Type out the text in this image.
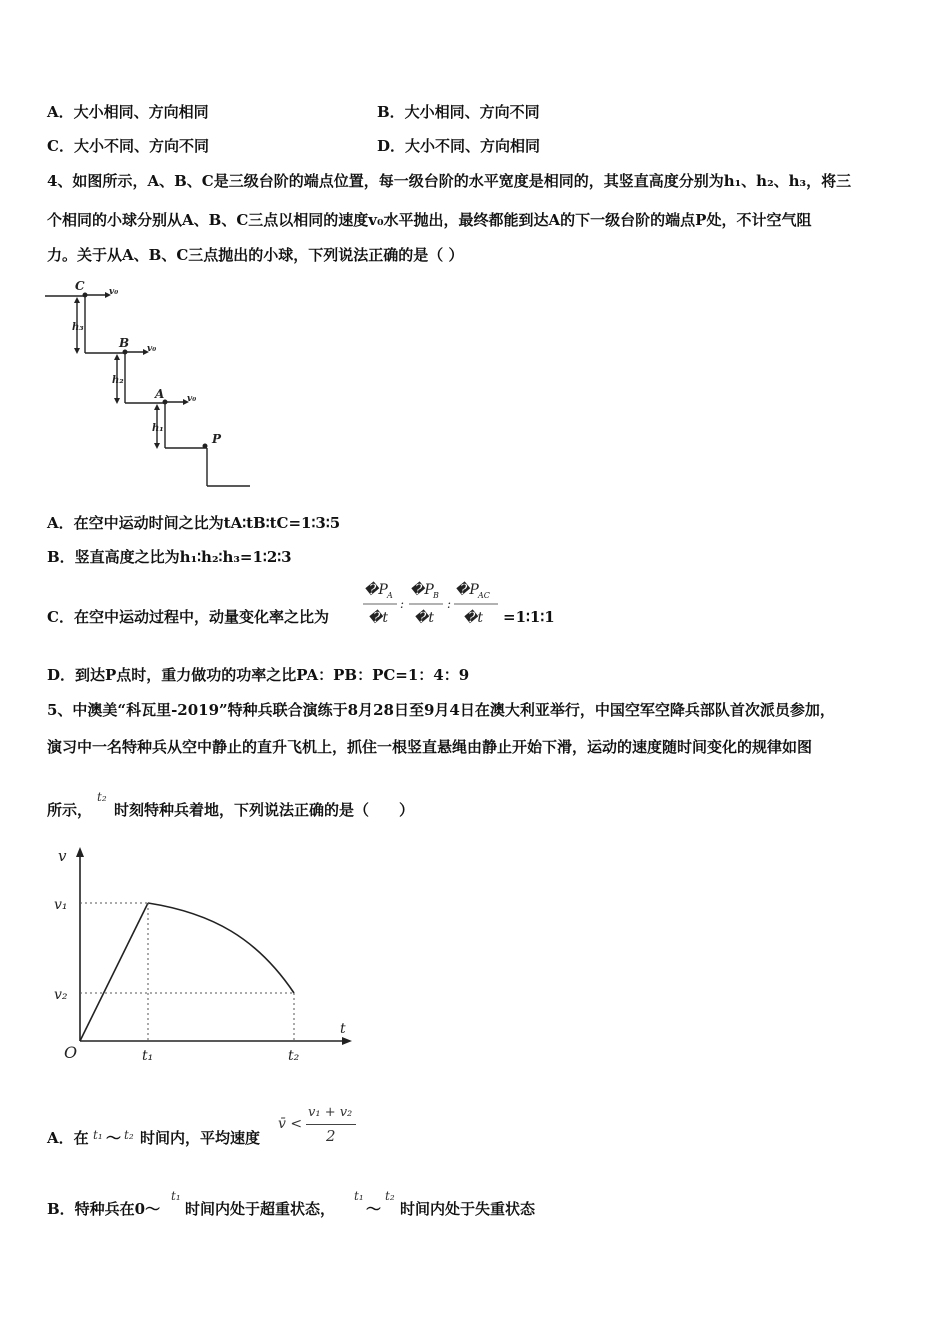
A．大小相同、方向相同	B．大小相同、方向不同
C．大小不同、方向不同	D．大小不同、方向相同
4、如图所示，A、B、C是三级台阶的端点位置，每一级台阶的水平宽度是相同的，其竖直高度分别为h₁、h₂、h₃，将三
个相同的小球分别从A、B、C三点以相同的速度v₀水平抛出，最终都能到达A的下一级台阶的端点P处，不计空气阻
力。关于从A、B、C三点抛出的小球，下列说法正确的是（ ）
C
B
A
P
v₀
v₀
v₀
h₃
h₂
h₁
A．在空中运动时间之比为tA∶tB∶tC=1∶3∶5
B．竖直高度之比为h₁∶h₂∶h₃=1∶2∶3
C．在空中运动过程中，动量变化率之比为
�P A
�t
:
�P B
�t
:
�P AC
�t =1∶1∶1
D．到达P点时，重力做功的功率之比PA：PB：PC=1：4：9
5、中澳美“科瓦里-2019”特种兵联合演练于8月28日至9月4日在澳大利亚举行，中国空军空降兵部队首次派员参加，
演习中一名特种兵从空中静止的直升飞机上，抓住一根竖直悬绳由静止开始下滑，运动的速度随时间变化的规律如图
所示，
t₂
时刻特种兵着地，下列说法正确的是（　　）
v
v₁
v₂
O
t
t₁	t₂
A．在 t₁ ～ t₂ 时间内，平均速度
v̄ <
v₁ + v₂
2
B．特种兵在0～
t₁
时间内处于超重状态，
t₁
～
t₂
时间内处于失重状态
